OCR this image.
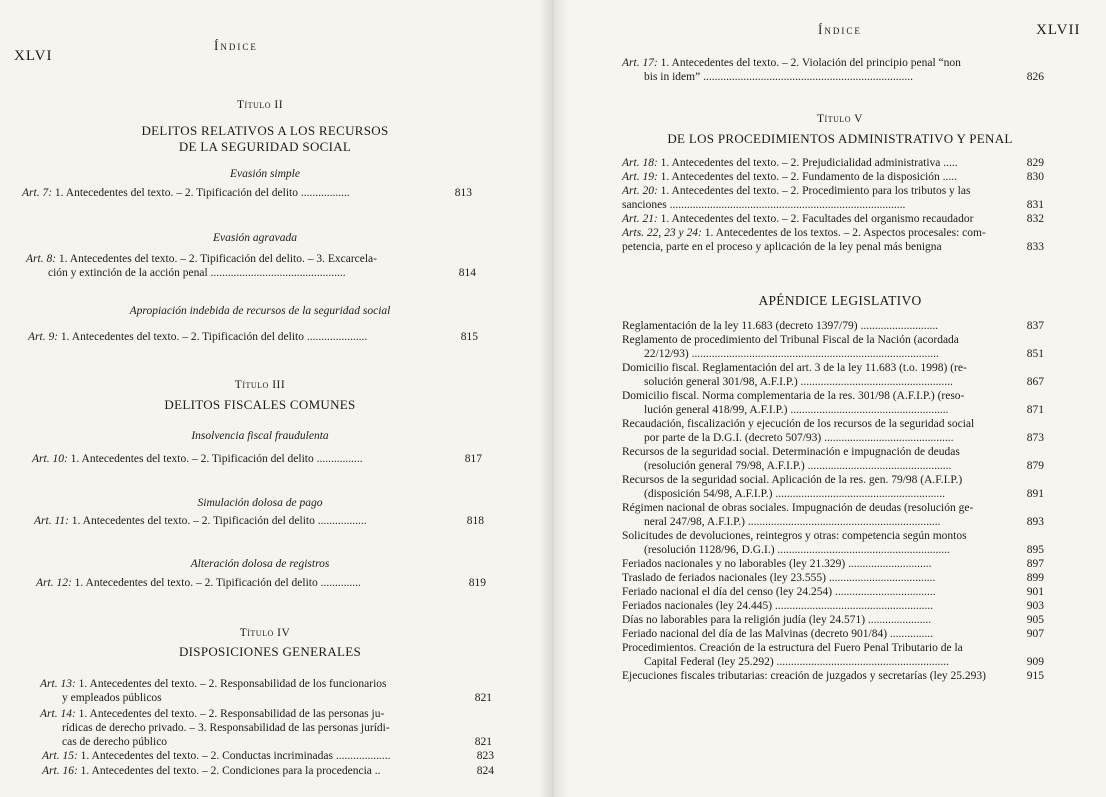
XLVI
Índice
Título II
DELITOS RELATIVOS A LOS RECURSOS
DE LA SEGURIDAD SOCIAL
Evasión simple
Art. 7: 1. Antecedentes del texto. – 2. Tipificación del delito .................	813
Evasión agravada
Art. 8: 1. Antecedentes del texto. – 2. Tipificación del delito. – 3. Excarcela-
ción y extinción de la acción penal ...............................................	814
Apropiación indebida de recursos de la seguridad social
Art. 9: 1. Antecedentes del texto. – 2. Tipificación del delito .....................	815
Título III
DELITOS FISCALES COMUNES
Insolvencia fiscal fraudulenta
Art. 10: 1. Antecedentes del texto. – 2. Tipificación del delito ................	817
Simulación dolosa de pago
Art. 11: 1. Antecedentes del texto. – 2. Tipificación del delito .................	818
Alteración dolosa de registros
Art. 12: 1. Antecedentes del texto. – 2. Tipificación del delito ..............	819
Título IV
DISPOSICIONES GENERALES
Art. 13: 1. Antecedentes del texto. – 2. Responsabilidad de los funcionarios
y empleados públicos	821
Art. 14: 1. Antecedentes del texto. – 2. Responsabilidad de las personas ju-
rídicas de derecho privado. – 3. Responsabilidad de las personas jurídi-
cas de derecho público	821
Art. 15: 1. Antecedentes del texto. – 2. Conductas incriminadas ...................	823
Art. 16: 1. Antecedentes del texto. – 2. Condiciones para la procedencia ..	824
Índice	XLVII
Art. 17: 1. Antecedentes del texto. – 2. Violación del principio penal “non
bis in idem” .........................................................................	826
Título V
DE LOS PROCEDIMIENTOS ADMINISTRATIVO Y PENAL
Art. 18: 1. Antecedentes del texto. – 2. Prejudicialidad administrativa .....	829
Art. 19: 1. Antecedentes del texto. – 2. Fundamento de la disposición .....	830
Art. 20: 1. Antecedentes del texto. – 2. Procedimiento para los tributos y las
sanciones ..................................................................................	831
Art. 21: 1. Antecedentes del texto. – 2. Facultades del organismo recaudador	832
Arts. 22, 23 y 24: 1. Antecedentes de los textos. – 2. Aspectos procesales: com-
petencia, parte en el proceso y aplicación de la ley penal más benigna	833
APÉNDICE LEGISLATIVO
Reglamentación de la ley 11.683 (decreto 1397/79) ...........................	837
Reglamento de procedimiento del Tribunal Fiscal de la Nación (acordada
22/12/93) ......................................................................................	851
Domicilio fiscal. Reglamentación del art. 3 de la ley 11.683 (t.o. 1998) (re-
solución general 301/98, A.F.I.P.) .....................................................	867
Domicilio fiscal. Norma complementaria de la res. 301/98 (A.F.I.P.) (reso-
lución general 418/99, A.F.I.P.) .......................................................	871
Recaudación, fiscalización y ejecución de los recursos de la seguridad social
por parte de la D.G.I. (decreto 507/93) .............................................	873
Recursos de la seguridad social. Determinación e impugnación de deudas
(resolución general 79/98, A.F.I.P.) ..................................................	879
Recursos de la seguridad social. Aplicación de la res. gen. 79/98 (A.F.I.P.)
(disposición 54/98, A.F.I.P.) ...........................................................	891
Régimen nacional de obras sociales. Impugnación de deudas (resolución ge-
neral 247/98, A.F.I.P.) ...................................................................	893
Solicitudes de devoluciones, reintegros y otras: competencia según montos
(resolución 1128/96, D.G.I.) ............................................................	895
Feriados nacionales y no laborables (ley 21.329) .............................	897
Traslado de feriados nacionales (ley 23.555) .....................................	899
Feriado nacional el día del censo (ley 24.254) ...................................	901
Feriados nacionales (ley 24.445) .......................................................	903
Días no laborables para la religión judía (ley 24.571) ......................	905
Feriado nacional del día de las Malvinas (decreto 901/84) ...............	907
Procedimientos. Creación de la estructura del Fuero Penal Tributario de la
Capital Federal (ley 25.292) ............................................................	909
Ejecuciones fiscales tributarias: creación de juzgados y secretarías (ley 25.293)	915
